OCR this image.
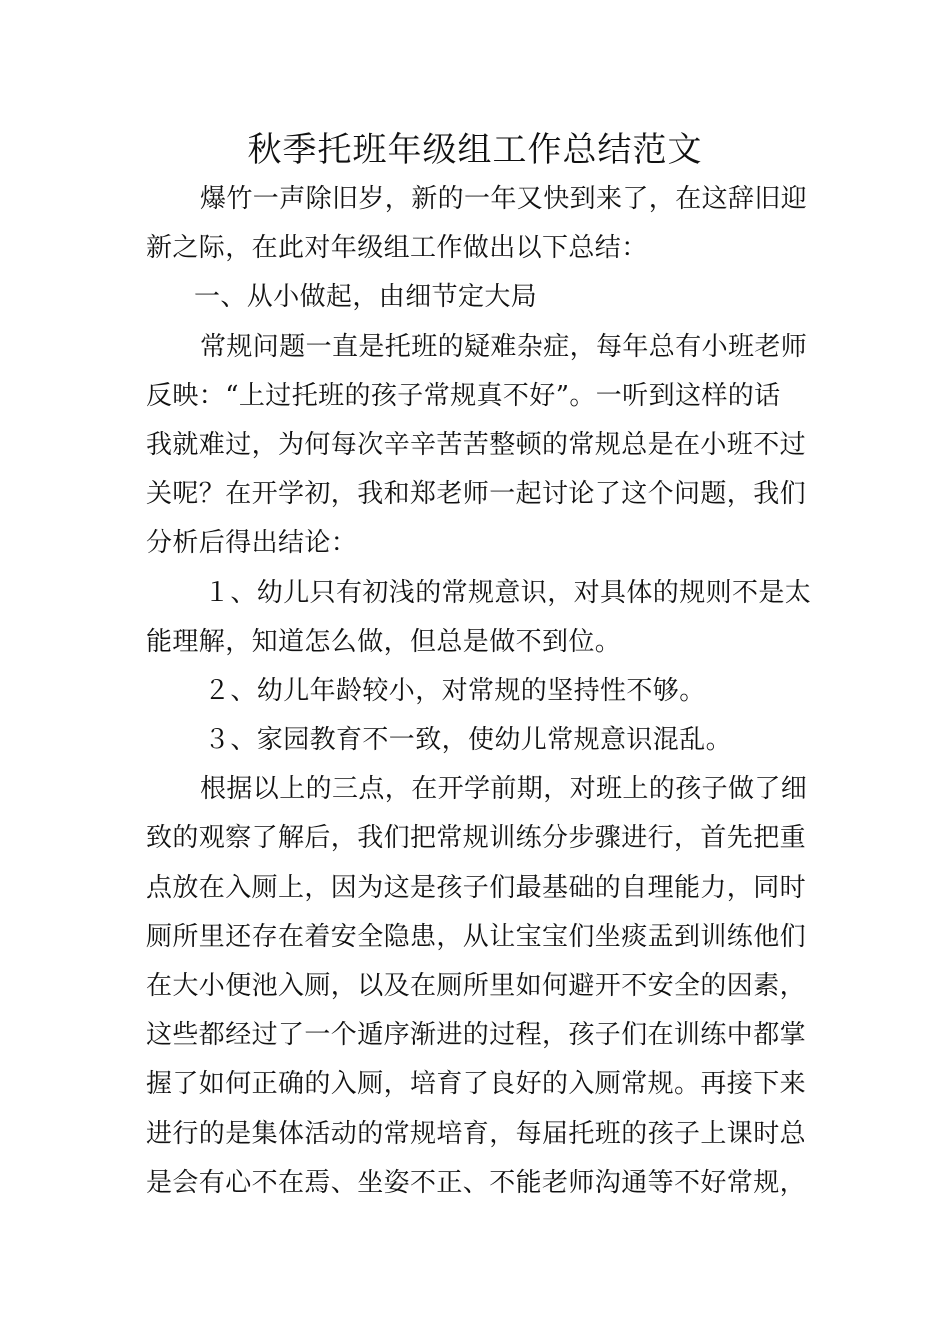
秋季托班年级组工作总结范文
爆竹一声除旧岁，新的一年又快到来了，在这辞旧迎
新之际，在此对年级组工作做出以下总结：
一、从小做起，由细节定大局
常规问题一直是托班的疑难杂症，每年总有小班老师
反映：“上过托班的孩子常规真不好”。一听到这样的话
我就难过，为何每次辛辛苦苦整顿的常规总是在小班不过
关呢？在开学初，我和郑老师一起讨论了这个问题，我们
分析后得出结论：
１、幼儿只有初浅的常规意识，对具体的规则不是太
能理解，知道怎么做，但总是做不到位。
２、幼儿年龄较小，对常规的坚持性不够。
３、家园教育不一致，使幼儿常规意识混乱。
根据以上的三点，在开学前期，对班上的孩子做了细
致的观察了解后，我们把常规训练分步骤进行，首先把重
点放在入厕上，因为这是孩子们最基础的自理能力，同时
厕所里还存在着安全隐患，从让宝宝们坐痰盂到训练他们
在大小便池入厕，以及在厕所里如何避开不安全的因素，
这些都经过了一个遁序渐进的过程，孩子们在训练中都掌
握了如何正确的入厕，培育了良好的入厕常规。再接下来
进行的是集体活动的常规培育，每届托班的孩子上课时总
是会有心不在焉、坐姿不正、不能老师沟通等不好常规，
